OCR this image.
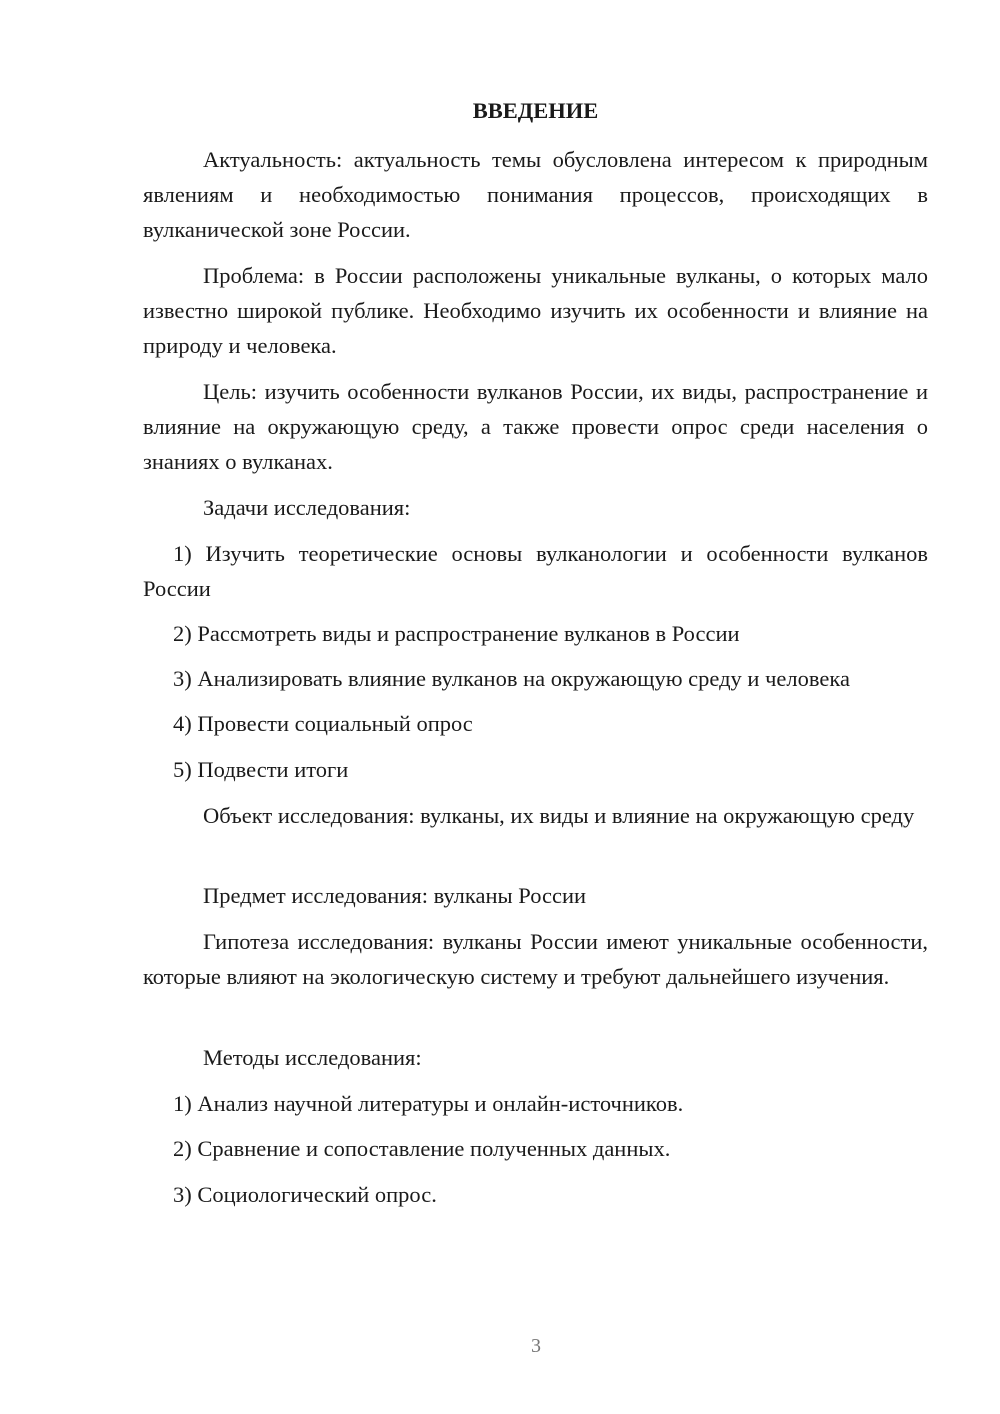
ВВЕДЕНИЕ

Актуальность: актуальность темы обусловлена интересом к природным явлениям и необходимостью понимания процессов, происходящих в вулканической зоне России.

Проблема: в России расположены уникальные вулканы, о которых мало известно широкой публике. Необходимо изучить их особенности и влияние на природу и человека.

Цель: изучить особенности вулканов России, их виды, распространение и влияние на окружающую среду, а также провести опрос среди населения о знаниях о вулканах.

Задачи исследования:

1) Изучить теоретические основы вулканологии и особенности вулканов России

2) Рассмотреть виды и распространение вулканов в России

3) Анализировать влияние вулканов на окружающую среду и человека

4) Провести социальный опрос

5) Подвести итоги

Объект исследования: вулканы, их виды и влияние на окружающую среду

Предмет исследования: вулканы России

Гипотеза исследования: вулканы России имеют уникальные особенности, которые влияют на экологическую систему и требуют дальнейшего изучения.

Методы исследования:

1) Анализ научной литературы и онлайн-источников.

2) Сравнение и сопоставление полученных данных.

3) Социологический опрос.

3
